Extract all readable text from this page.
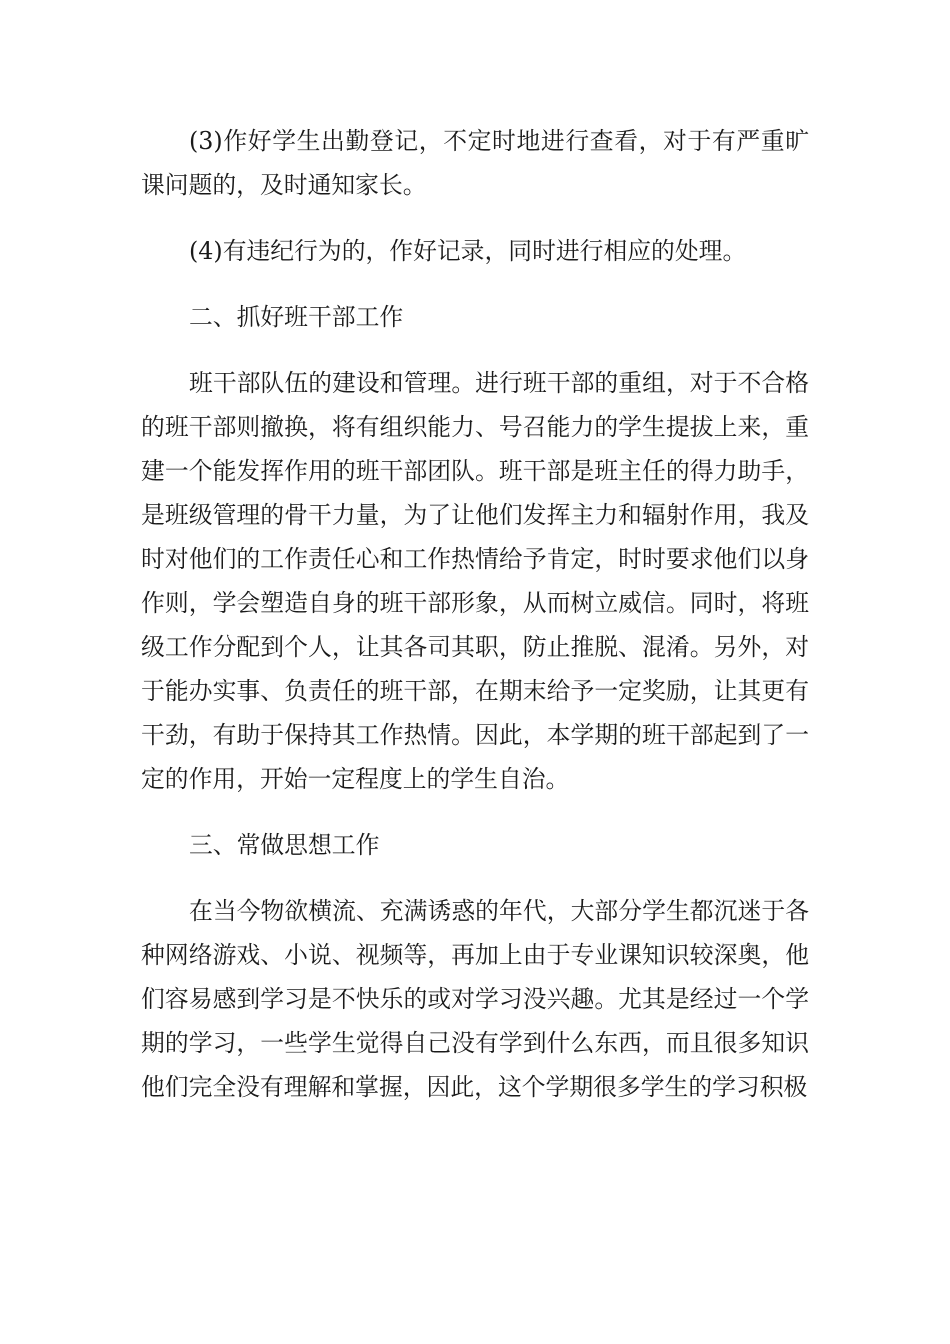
(3)作好学生出勤登记，不定时地进行查看，对于有严重旷课问题的，及时通知家长。

(4)有违纪行为的，作好记录，同时进行相应的处理。

二、抓好班干部工作

班干部队伍的建设和管理。进行班干部的重组，对于不合格的班干部则撤换，将有组织能力、号召能力的学生提拔上来，重建一个能发挥作用的班干部团队。班干部是班主任的得力助手，是班级管理的骨干力量，为了让他们发挥主力和辐射作用，我及时对他们的工作责任心和工作热情给予肯定，时时要求他们以身作则，学会塑造自身的班干部形象，从而树立威信。同时，将班级工作分配到个人，让其各司其职，防止推脱、混淆。另外，对于能办实事、负责任的班干部，在期末给予一定奖励，让其更有干劲，有助于保持其工作热情。因此，本学期的班干部起到了一定的作用，开始一定程度上的学生自治。

三、常做思想工作

在当今物欲横流、充满诱惑的年代，大部分学生都沉迷于各种网络游戏、小说、视频等，再加上由于专业课知识较深奥，他们容易感到学习是不快乐的或对学习没兴趣。尤其是经过一个学期的学习，一些学生觉得自己没有学到什么东西，而且很多知识他们完全没有理解和掌握，因此，这个学期很多学生的学习积极
